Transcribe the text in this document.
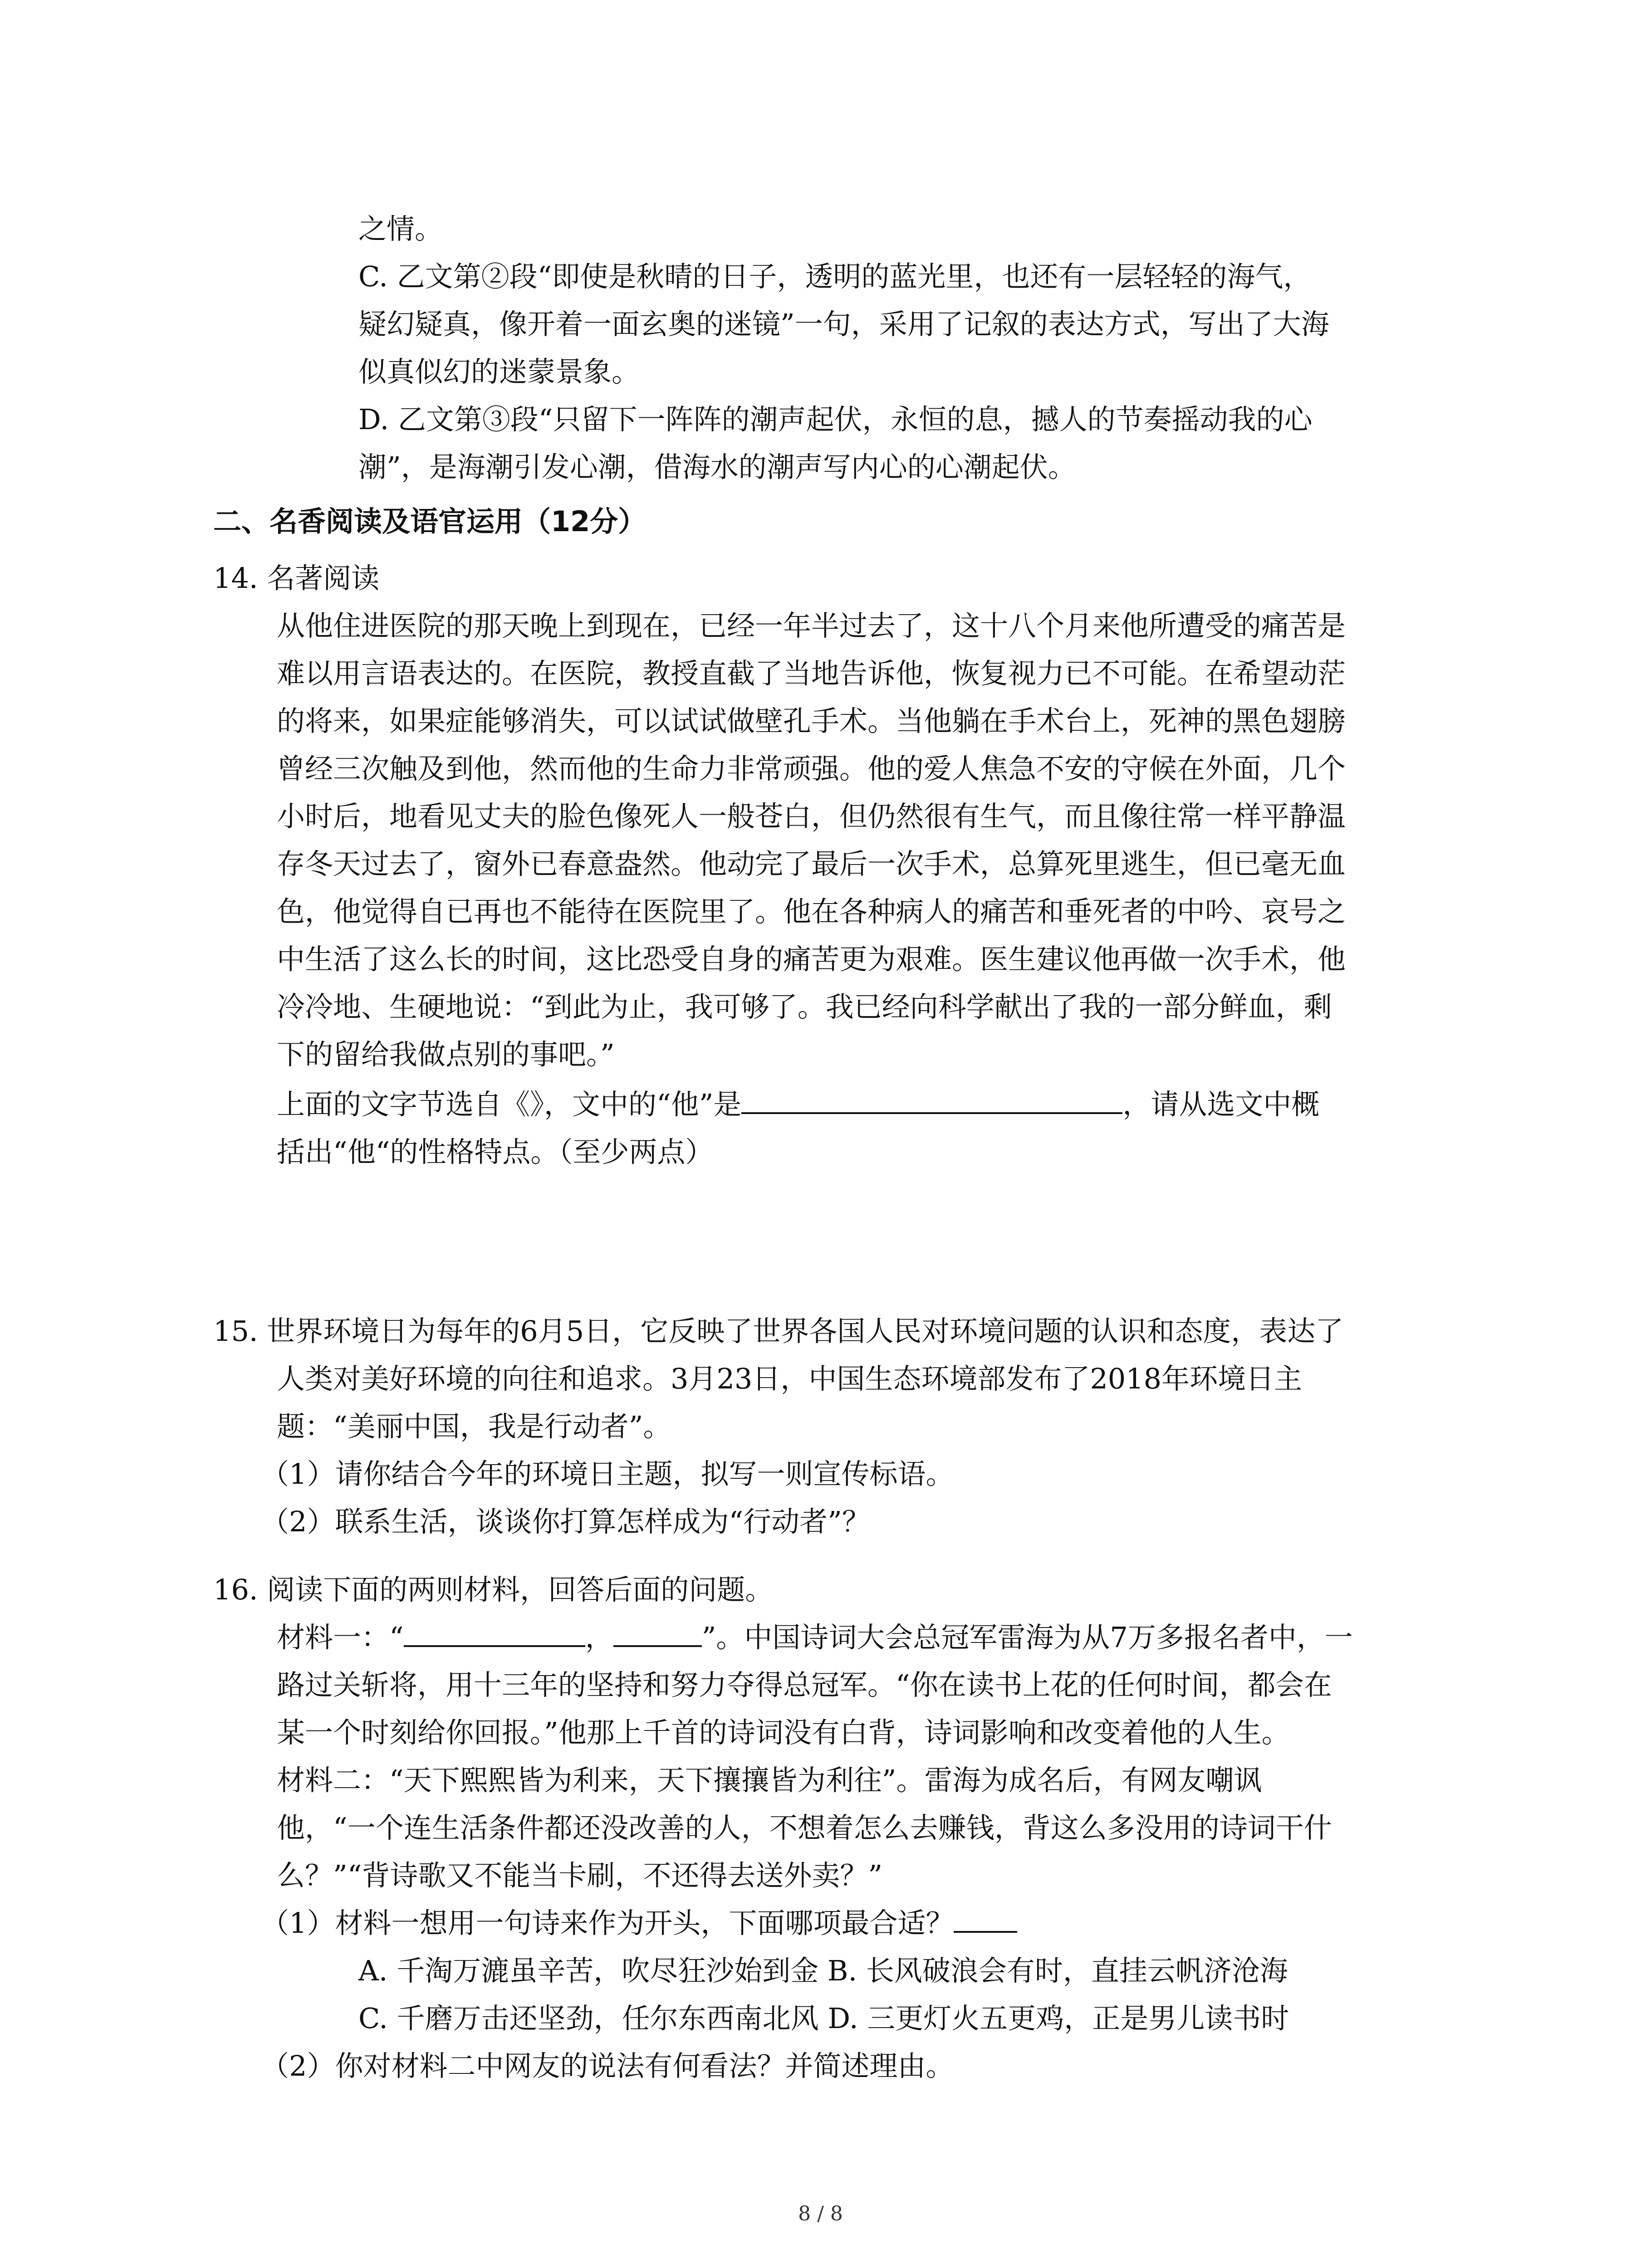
之情。
C. 乙文第②段“即使是秋晴的日子，透明的蓝光里，也还有一层轻轻的海气，
疑幻疑真，像开着一面玄奥的迷镜”一句，采用了记叙的表达方式，写出了大海
似真似幻的迷蒙景象。
D. 乙文第③段“只留下一阵阵的潮声起伏，永恒的息，撼人的节奏摇动我的心
潮”，是海潮引发心潮，借海水的潮声写内心的心潮起伏。
二、名香阅读及语官运用（12分）
14. 名著阅读
从他住进医院的那天晚上到现在，已经一年半过去了，这十八个月来他所遭受的痛苦是
难以用言语表达的。在医院，教授直截了当地告诉他，恢复视力已不可能。在希望动茫
的将来，如果症能够消失，可以试试做壁孔手术。当他躺在手术台上，死神的黑色翅膀
曾经三次触及到他，然而他的生命力非常顽强。他的爱人焦急不安的守候在外面，几个
小时后，地看见丈夫的脸色像死人一般苍白，但仍然很有生气，而且像往常一样平静温
存冬天过去了，窗外已春意盎然。他动完了最后一次手术，总算死里逃生，但已毫无血
色，他觉得自已再也不能待在医院里了。他在各种病人的痛苦和垂死者的中吟、哀号之
中生活了这么长的时间，这比恐受自身的痛苦更为艰难。医生建议他再做一次手术，他
冷冷地、生硬地说：“到此为止，我可够了。我已经向科学献出了我的一部分鲜血，剩
下的留给我做点别的事吧。”
上面的文字节选自《》，文中的“他”是	，请从选文中概
括出“他“的性格特点。（至少两点）
15. 世界环境日为每年的6月5日，它反映了世界各国人民对环境问题的认识和态度，表达了
人类对美好环境的向往和追求。3月23日，中国生态环境部发布了2018年环境日主
题：“美丽中国，我是行动者”。
（1）请你结合今年的环境日主题，拟写一则宣传标语。
（2）联系生活，谈谈你打算怎样成为“行动者”？
16. 阅读下面的两则材料，回答后面的问题。
材料一：“	，	”。中国诗词大会总冠军雷海为从7万多报名者中，一
路过关斩将，用十三年的坚持和努力夺得总冠军。“你在读书上花的任何时间，都会在
某一个时刻给你回报。”他那上千首的诗词没有白背，诗词影响和改变着他的人生。
材料二：“天下熙熙皆为利来，天下攘攘皆为利往”。雷海为成名后，有网友嘲讽
他，“一个连生活条件都还没改善的人，不想着怎么去赚钱，背这么多没用的诗词干什
么？”“背诗歌又不能当卡刷，不还得去送外卖？”
（1）材料一想用一句诗来作为开头，下面哪项最合适？
A. 千淘万漉虽辛苦，吹尽狂沙始到金 B. 长风破浪会有时，直挂云帆济沧海
C. 千磨万击还坚劲，任尔东西南北风 D. 三更灯火五更鸡，正是男儿读书时
（2）你对材料二中网友的说法有何看法？并简述理由。
8 / 8
